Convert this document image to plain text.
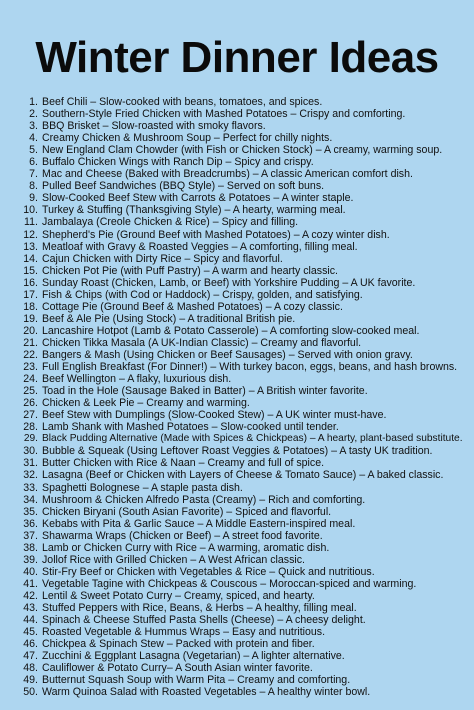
Winter Dinner Ideas
1. Beef Chili – Slow-cooked with beans, tomatoes, and spices.
2. Southern-Style Fried Chicken with Mashed Potatoes – Crispy and comforting.
3. BBQ Brisket – Slow-roasted with smoky flavors.
4. Creamy Chicken & Mushroom Soup – Perfect for chilly nights.
5. New England Clam Chowder (with Fish or Chicken Stock) – A creamy, warming soup.
6. Buffalo Chicken Wings with Ranch Dip – Spicy and crispy.
7. Mac and Cheese (Baked with Breadcrumbs) – A classic American comfort dish.
8. Pulled Beef Sandwiches (BBQ Style) – Served on soft buns.
9. Slow-Cooked Beef Stew with Carrots & Potatoes – A winter staple.
10. Turkey & Stuffing (Thanksgiving Style) – A hearty, warming meal.
11. Jambalaya (Creole Chicken & Rice) – Spicy and filling.
12. Shepherd's Pie (Ground Beef with Mashed Potatoes) – A cozy winter dish.
13. Meatloaf with Gravy & Roasted Veggies – A comforting, filling meal.
14. Cajun Chicken with Dirty Rice – Spicy and flavorful.
15. Chicken Pot Pie (with Puff Pastry) – A warm and hearty classic.
16. Sunday Roast (Chicken, Lamb, or Beef) with Yorkshire Pudding – A UK favorite.
17. Fish & Chips (with Cod or Haddock) – Crispy, golden, and satisfying.
18. Cottage Pie (Ground Beef & Mashed Potatoes) – A cozy classic.
19. Beef & Ale Pie (Using Stock) – A traditional British pie.
20. Lancashire Hotpot (Lamb & Potato Casserole) – A comforting slow-cooked meal.
21. Chicken Tikka Masala (A UK-Indian Classic) – Creamy and flavorful.
22. Bangers & Mash (Using Chicken or Beef Sausages) – Served with onion gravy.
23. Full English Breakfast (For Dinner!) – With turkey bacon, eggs, beans, and hash browns.
24. Beef Wellington – A flaky, luxurious dish.
25. Toad in the Hole (Sausage Baked in Batter) – A British winter favorite.
26. Chicken & Leek Pie – Creamy and warming.
27. Beef Stew with Dumplings (Slow-Cooked Stew) – A UK winter must-have.
28. Lamb Shank with Mashed Potatoes – Slow-cooked until tender.
29. Black Pudding Alternative (Made with Spices & Chickpeas) – A hearty, plant-based substitute.
30. Bubble & Squeak (Using Leftover Roast Veggies & Potatoes) – A tasty UK tradition.
31. Butter Chicken with Rice & Naan – Creamy and full of spice.
32. Lasagna (Beef or Chicken with Layers of Cheese & Tomato Sauce) – A baked classic.
33. Spaghetti Bolognese – A staple pasta dish.
34. Mushroom & Chicken Alfredo Pasta (Creamy) – Rich and comforting.
35. Chicken Biryani (South Asian Favorite) – Spiced and flavorful.
36. Kebabs with Pita & Garlic Sauce – A Middle Eastern-inspired meal.
37. Shawarma Wraps (Chicken or Beef) – A street food favorite.
38. Lamb or Chicken Curry with Rice – A warming, aromatic dish.
39. Jollof Rice with Grilled Chicken – A West African classic.
40. Stir-Fry Beef or Chicken with Vegetables & Rice – Quick and nutritious.
41. Vegetable Tagine with Chickpeas & Couscous – Moroccan-spiced and warming.
42. Lentil & Sweet Potato Curry – Creamy, spiced, and hearty.
43. Stuffed Peppers with Rice, Beans, & Herbs – A healthy, filling meal.
44. Spinach & Cheese Stuffed Pasta Shells (Cheese) – A cheesy delight.
45. Roasted Vegetable & Hummus Wraps – Easy and nutritious.
46. Chickpea & Spinach Stew – Packed with protein and fiber.
47. Zucchini & Eggplant Lasagna (Vegetarian) – A lighter alternative.
48. Cauliflower & Potato Curry– A South Asian winter favorite.
49. Butternut Squash Soup with Warm Pita – Creamy and comforting.
50. Warm Quinoa Salad with Roasted Vegetables – A healthy winter bowl.
